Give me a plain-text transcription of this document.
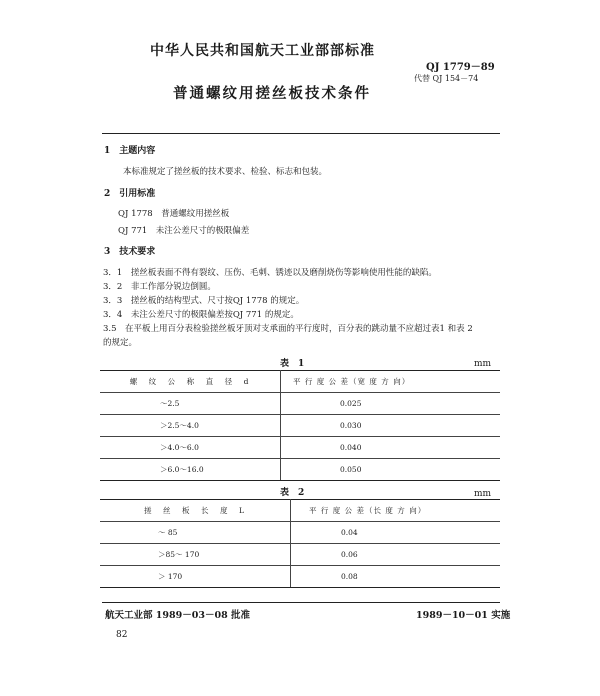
中华人民共和国航天工业部部标准
QJ 1779－89
代替 QJ 154－74
普通螺纹用搓丝板技术条件
1　主题内容
本标准规定了搓丝板的技术要求、检验、标志和包装。
2　引用标准
QJ 1778　普通螺纹用搓丝板
QJ 771　未注公差尺寸的极限偏差
3　技术要求
3．1　搓丝板表面不得有裂纹、压伤、毛刺、锈迹以及磨削烧伤等影响使用性能的缺陷。
3．2　非工作部分锐边倒圆。
3．3　搓丝板的结构型式、尺寸按QJ 1778 的规定。
3．4　未注公差尺寸的极限偏差按QJ 771 的规定。
3.5　在平板上用百分表检验搓丝板牙顶对支承面的平行度时，百分表的跳动量不应超过表1 和表 2
的规定。
表　1	mm
螺　纹　公　称　直　径　d	平 行 度 公 差（宽 度 方 向）
～2.5	0.025
＞2.5～4.0	0.030
＞4.0～6.0	0.040
＞6.0～16.0	0.050
表　2	mm
搓　丝　板　长　度　L	平 行 度 公 差（长 度 方 向）
～ 85	0.04
＞85～ 170	0.06
＞ 170	0.08
航天工业部 1989－03－08 批准	1989－10－01 实施
82
